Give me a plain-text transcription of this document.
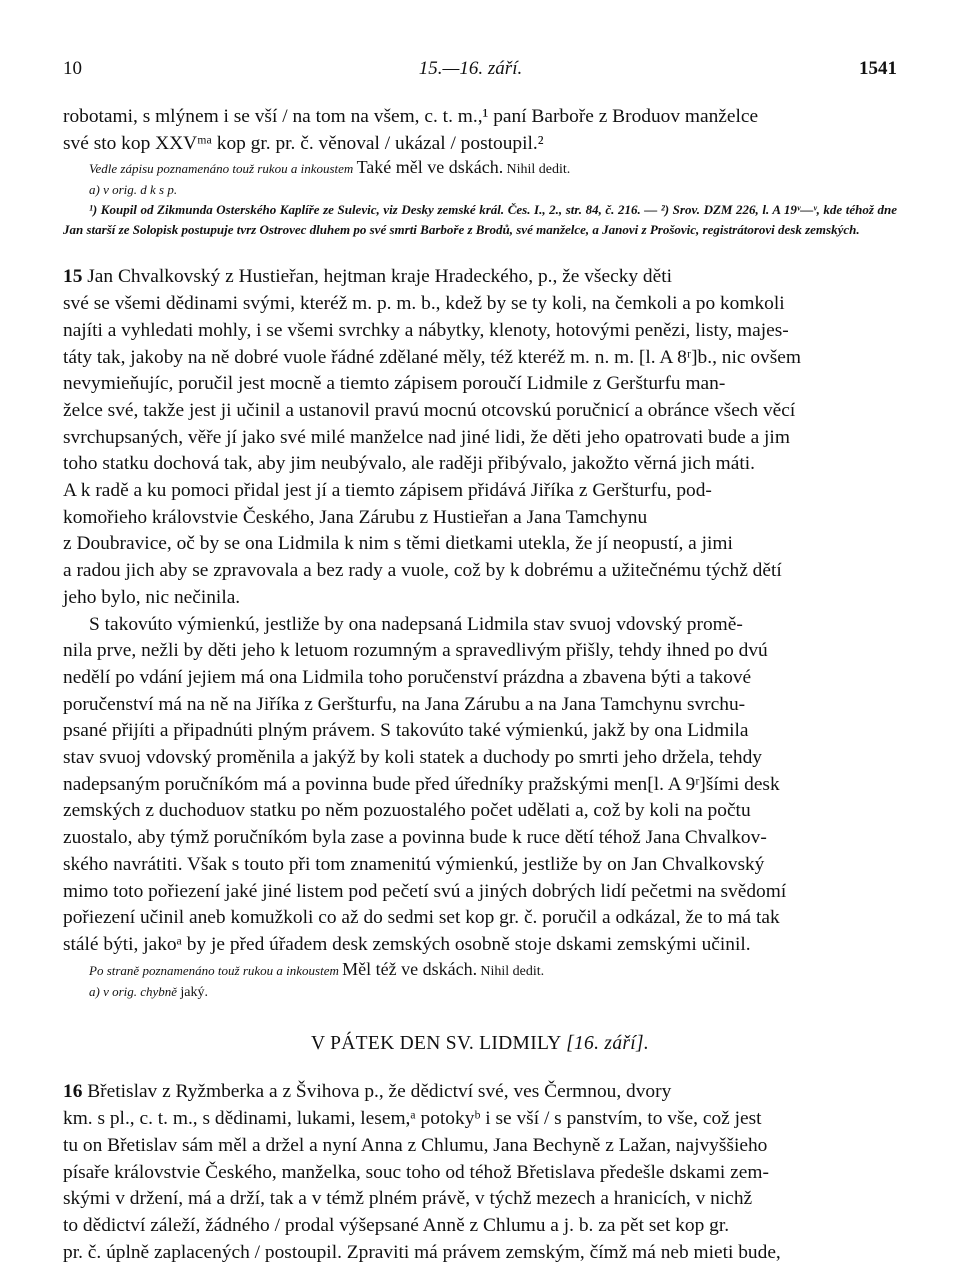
10	15.—16. září.	1541

robotami, s mlýnem i se vší / na tom na všem, c. t. m.,¹ paní Barboře z Broduov manželce

své sto kop XXVᵐᵃ kop gr. pr. č. věnoval / ukázal / postoupil.²

Vedle zápisu poznamenáno touž rukou a inkoustem Také měl ve dskách. Nihil dedit.

a) v orig. d k s p.

¹) Koupil od Zikmunda Osterského Kaplíře ze Sulevic, viz Desky zemské král. Čes. I., 2., str. 84, č. 216. — ²) Srov. DZM 226, l. A 19ᵛ—ᵛ, kde téhož dne Jan starší ze Solopisk postupuje tvrz Ostrovec dluhem po své smrti Barboře z Brodů, své manželce, a Janovi z Prošovic, registrátorovi desk zemských.

15 Jan Chvalkovský z Hustieřan, hejtman kraje Hradeckého, p., že všecky děti

své se všemi dědinami svými, kteréž m. p. m. b., kdež by se ty koli, na čemkoli a po komkoli

najíti a vyhledati mohly, i se všemi svrchky a nábytky, klenoty, hotovými penězi, listy, majes-

táty tak, jakoby na ně dobré vuole řádné zdělané měly, též kteréž m. n. m. [l. A 8ʳ]b., nic ovšem

nevymieňujíc, poručil jest mocně a tiemto zápisem poroučí Lidmile z Geršturfu man-

želce své, takže jest ji učinil a ustanovil pravú mocnú otcovskú poručnicí a obránce všech věcí

svrchupsaných, věře jí jako své milé manželce nad jiné lidi, že děti jeho opatrovati bude a jim

toho statku dochová tak, aby jim neubývalo, ale raději přibývalo, jakožto věrná jich máti.

A k radě a ku pomoci přidal jest jí a tiemto zápisem přidává Jiříka z Geršturfu, pod-

komořieho královstvie Českého, Jana Zárubu z Hustieřan a Jana Tamchynu

z Doubravice, oč by se ona Lidmila k nim s těmi dietkami utekla, že jí neopustí, a jimi

a radou jich aby se zpravovala a bez rady a vuole, což by k dobrému a užitečnému týchž dětí

jeho bylo, nic nečinila.

S takovúto výmienkú, jestliže by ona nadepsaná Lidmila stav svuoj vdovský promě-

nila prve, nežli by děti jeho k letuom rozumným a spravedlivým přišly, tehdy ihned po dvú

nedělí po vdání jejiem má ona Lidmila toho poručenství prázdna a zbavena býti a takové

poručenství má na ně na Jiříka z Geršturfu, na Jana Zárubu a na Jana Tamchynu svrchu-

psané přijíti a připadnúti plným právem. S takovúto také výmienkú, jakž by ona Lidmila

stav svuoj vdovský proměnila a jakýž by koli statek a duchody po smrti jeho držela, tehdy

nadepsaným poručníkóm má a povinna bude před úředníky pražskými men[l. A 9ʳ]šími desk

zemských z duchoduov statku po něm pozuostalého počet udělati a, což by koli na počtu

zuostalo, aby týmž poručníkóm byla zase a povinna bude k ruce dětí téhož Jana Chvalkov-

ského navrátiti. Však s touto při tom znamenitú výmienkú, jestliže by on Jan Chvalkovský

mimo toto pořiezení jaké jiné listem pod pečetí svú a jiných dobrých lidí pečetmi na svědomí

pořiezení učinil aneb komužkoli co až do sedmi set kop gr. č. poručil a odkázal, že to má tak

stálé býti, jakoᵃ by je před úřadem desk zemských osobně stoje dskami zemskými učinil.

Po straně poznamenáno touž rukou a inkoustem Měl též ve dskách. Nihil dedit.

a) v orig. chybně jaký.

V PÁTEK DEN SV. LIDMILY [16. září].

16 Břetislav z Ryžmberka a z Švihova p., že dědictví své, ves Čermnou, dvory

km. s pl., c. t. m., s dědinami, lukami, lesem,ᵃ potokyᵇ i se vší / s panstvím, to vše, což jest

tu on Břetislav sám měl a držel a nyní Anna z Chlumu, Jana Bechyně z Lažan, najvyššieho

písaře královstvie Českého, manželka, souc toho od téhož Břetislava předešle dskami zem-

skými v držení, má a drží, tak a v témž plném právě, v týchž mezech a hranicích, v nichž

to dědictví záleží, žádného / prodal výšepsané Anně z Chlumu a j. b. za pět set kop gr.

pr. č. úplně zaplacených / postoupil. Zpraviti má právem zemským, čímž má neb mieti bude,
